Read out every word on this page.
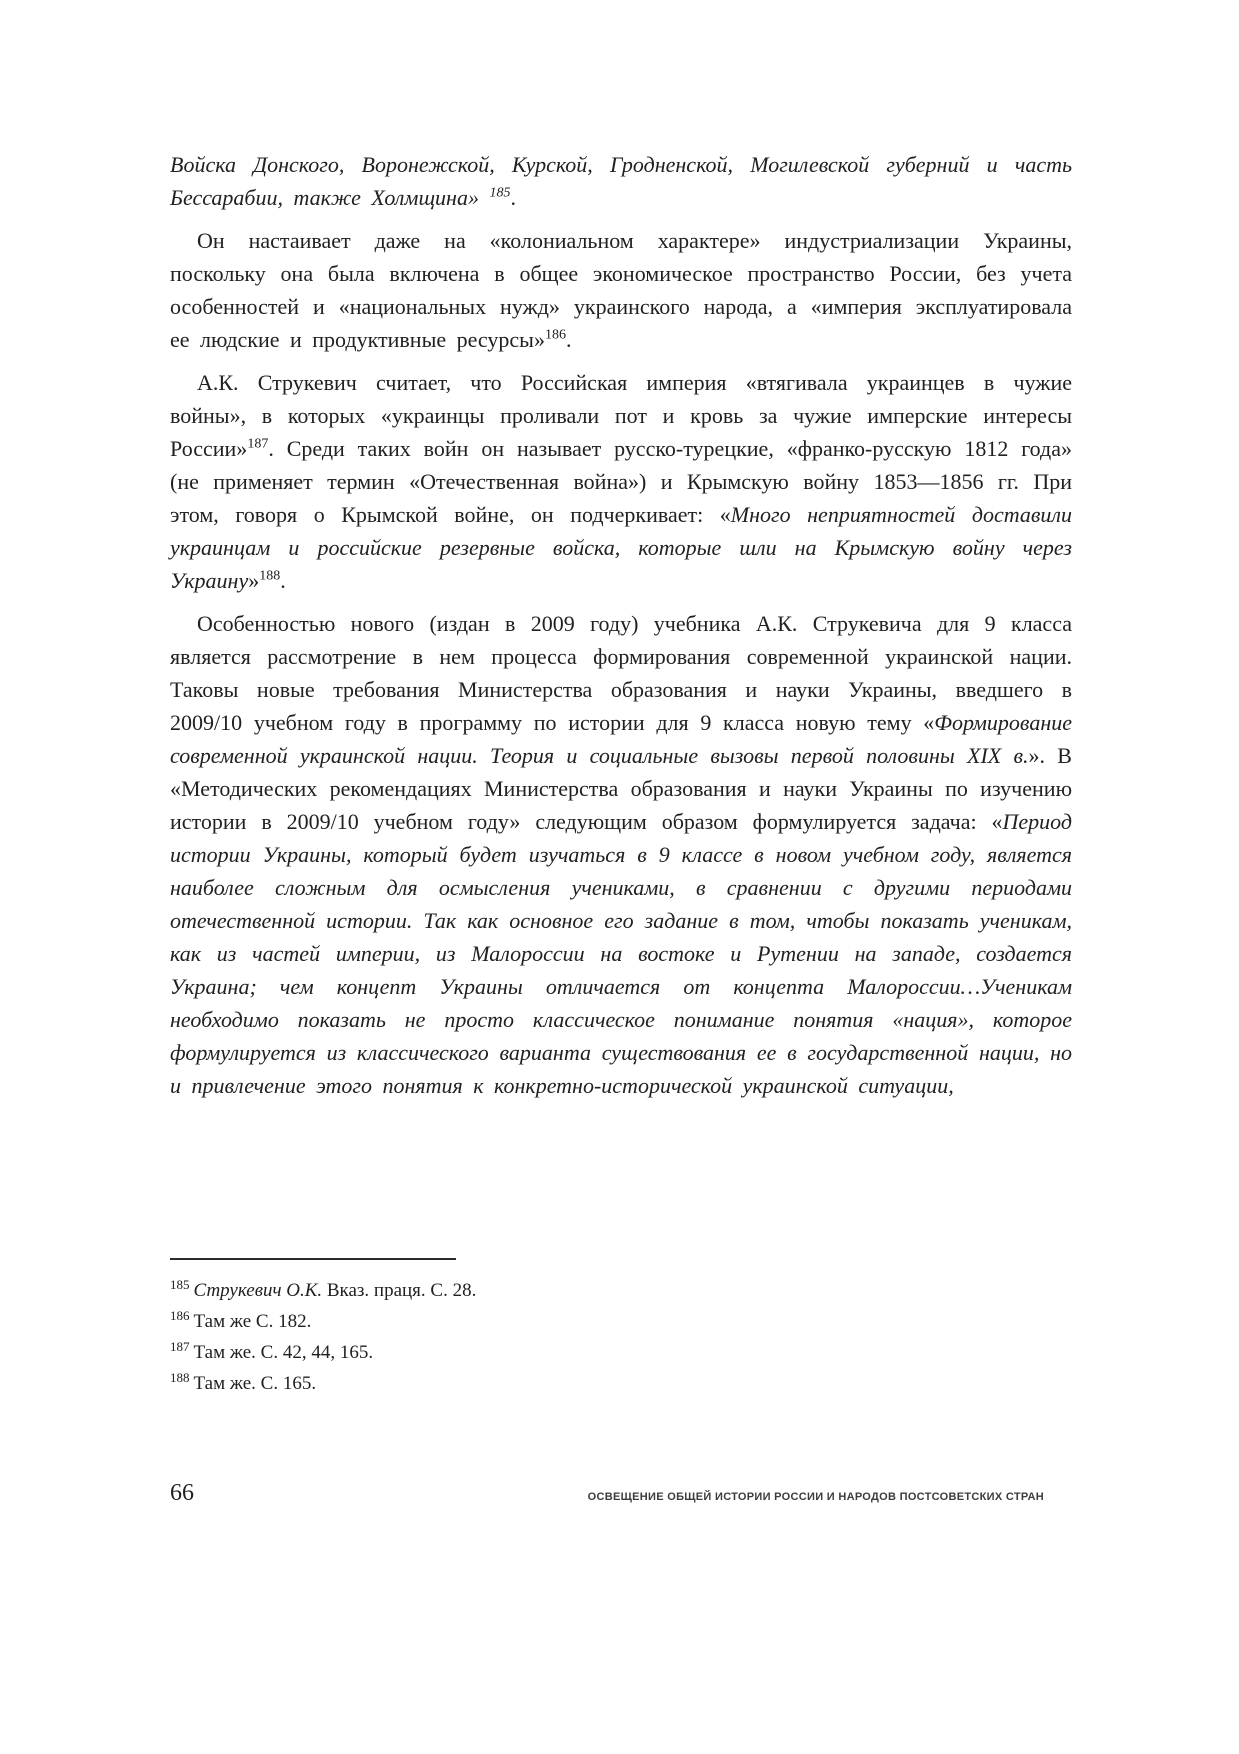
Войска Донского, Воронежской, Курской, Гродненской, Могилевской губерний и часть Бессарабии, также Холмщина» $^{185}$.

Он настаивает даже на «колониальном характере» индустриализации Украины, поскольку она была включена в общее экономическое пространство России, без учета особенностей и «национальных нужд» украинского народа, а «империя эксплуатировала ее людские и продуктивные ресурсы»$^{186}$.

А.К. Струкевич считает, что Российская империя «втягивала украинцев в чужие войны», в которых «украинцы проливали пот и кровь за чужие имперские интересы России»$^{187}$. Среди таких войн он называет русско-турецкие, «франко-русскую 1812 года» (не применяет термин «Отечественная война») и Крымскую войну 1853—1856 гг. При этом, говоря о Крымской войне, он подчеркивает: «Много неприятностей доставили украинцам и российские резервные войска, которые шли на Крымскую войну через Украину»$^{188}$.

Особенностью нового (издан в 2009 году) учебника А.К. Струкевича для 9 класса является рассмотрение в нем процесса формирования современной украинской нации. Таковы новые требования Министерства образования и науки Украины, введшего в 2009/10 учебном году в программу по истории для 9 класса новую тему «Формирование современной украинской нации. Теория и социальные вызовы первой половины XIX в.». В «Методических рекомендациях Министерства образования и науки Украины по изучению истории в 2009/10 учебном году» следующим образом формулируется задача: «Период истории Украины, который будет изучаться в 9 классе в новом учебном году, является наиболее сложным для осмысления учениками, в сравнении с другими периодами отечественной истории. Так как основное его задание в том, чтобы показать ученикам, как из частей империи, из Малороссии на востоке и Рутении на западе, создается Украина; чем концепт Украины отличается от концепта Малороссии…Ученикам необходимо показать не просто классическое понимание понятия «нация», которое формулируется из классического варианта существования ее в государственной нации, но и привлечение этого понятия к конкретно-исторической украинской ситуации,

$^{185}$ Струкевич О.К. Вказ. праця. С. 28.

$^{186}$ Там же С. 182.

$^{187}$ Там же. С. 42, 44, 165.

$^{188}$ Там же. С. 165.

66	ОСВЕЩЕНИЕ ОБЩЕЙ ИСТОРИИ РОССИИ И НАРОДОВ ПОСТСОВЕТСКИХ СТРАН
